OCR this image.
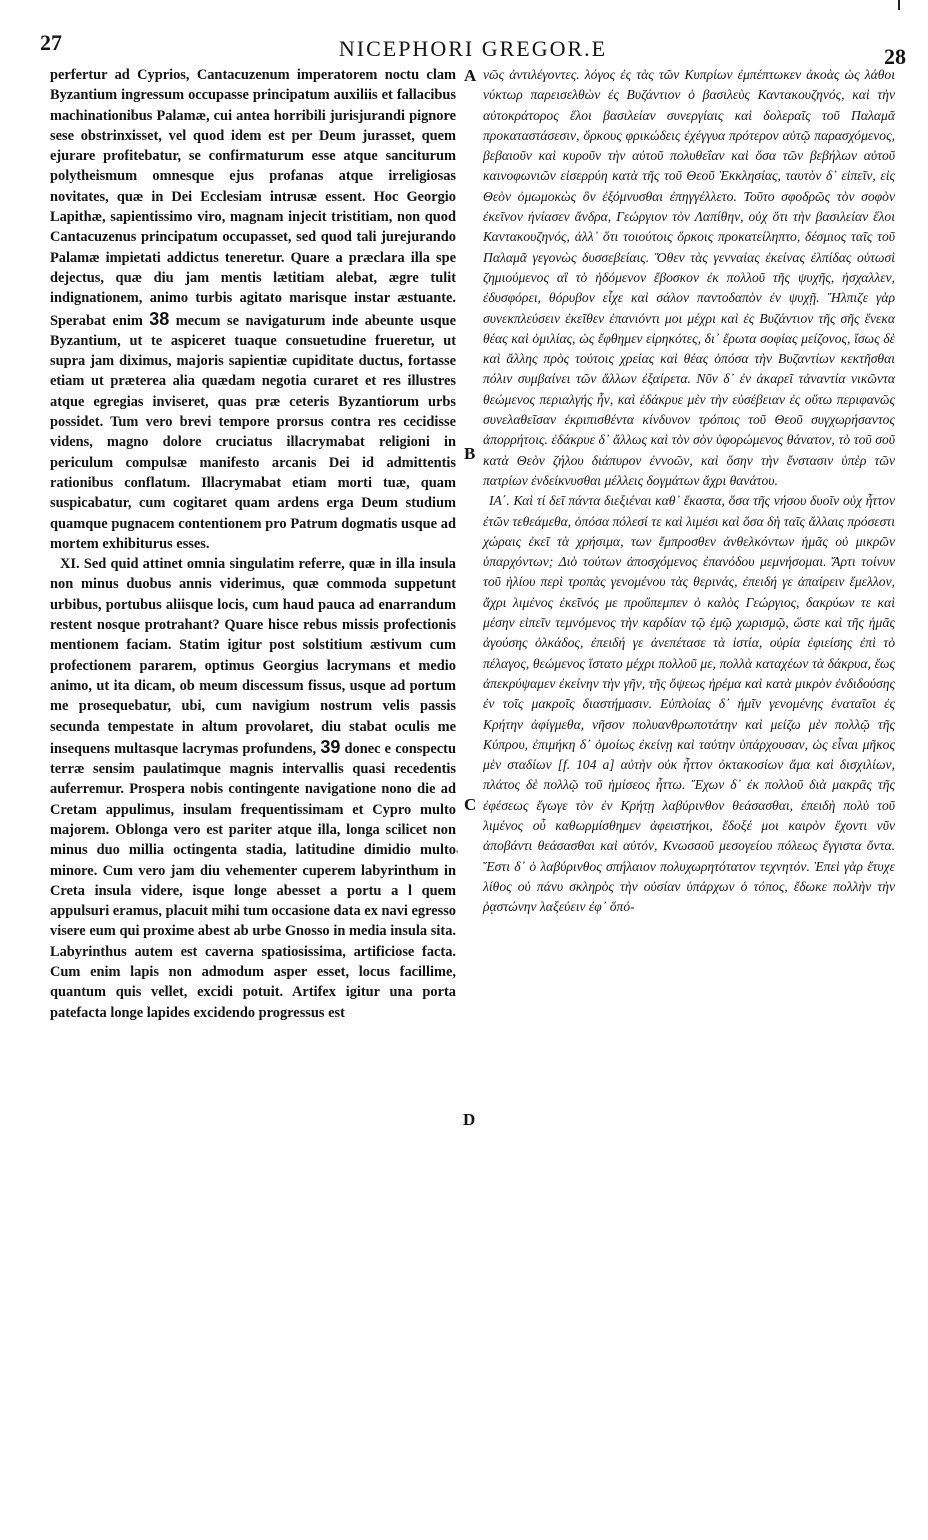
27	NICEPHORI GREGOR.E	28

perfertur ad Cyprios, Cantacuzenum imperatorem noctu clam Byzantium ingressum occupasse principatum auxiliis et fallacibus machinationibus Palamæ, cui antea horribili jurisjurandi pignore sese obstrinxisset, vel quod idem est per Deum jurasset, quem ejurare profitebatur, se confirmaturum esse atque sanciturum polytheismum omnesque ejus profanas atque irreligiosas novitates, quæ in Dei Ecclesiam intrusæ essent. Hoc Georgio Lapithæ, sapientissimo viro, magnam injecit tristitiam, non quod Cantacuzenus principatum occupasset, sed quod tali jurejurando Palamæ impietati addictus teneretur. Quare a præclara illa spe dejectus, quæ diu jam mentis lætitiam alebat, ægre tulit indignationem, animo turbis agitato marisque instar æstuante. Sperabat enim 38 mecum se navigaturum inde abeunte usque Byzantium, ut te aspiceret tuaque consuetudine frueretur, ut supra jam diximus, majoris sapientiæ cupiditate ductus, fortasse etiam ut præterea alia quædam negotia curaret et res illustres atque egregias inviseret, quas præ ceteris Byzantiorum urbs possidet. Tum vero brevi tempore prorsus contra res cecidisse videns, magno dolore cruciatus illacrymabat religioni in periculum compulsæ manifesto arcanis Dei id admittentis rationibus conflatum. Illacrymabat etiam morti tuæ, quam suspicabatur, cum cogitaret quam ardens erga Deum studium quamque pugnacem contentionem pro Patrum dogmatis usque ad mortem exhibiturus esses.

XI. Sed quid attinet omnia singulatim referre, quæ in illa insula non minus duobus annis viderimus, quæ commoda suppetunt urbibus, portubus aliisque locis, cum haud pauca ad enarrandum restent nosque protrahant? Quare hisce rebus missis profectionis mentionem faciam. Statim igitur post solstitium æstivum cum profectionem pararem, optimus Georgius lacrymans et medio animo, ut ita dicam, ob meum discessum fissus, usque ad portum me prosequebatur, ubi, cum navigium nostrum velis passis secunda tempestate in altum provolaret, diu stabat oculis me insequens multasque lacrymas profundens, 39 donec e conspectu terræ sensim paulatimque magnis intervallis quasi recedentis auferremur. Prospera nobis contingente navigatione nono die ad Cretam appulimus, insulam frequentissimam et Cypro multo majorem. Oblonga vero est pariter atque illa, longa scilicet non minus duo millia octingenta stadia, latitudine dimidio multo minore. Cum vero jam diu vehementer cuperem labyrinthum in Creta insula videre, isque longe abesset a portu a l quem appulsuri eramus, placuit mihi tum occasione data ex navi egresso visere eum qui proxime abest ab urbe Gnosso in media insula sita. Labyrinthus autem est caverna spatiosissima, artificiose facta. Cum enim lapis non admodum asper esset, locus facillime, quantum quis vellet, excidi potuit. Artifex igitur una porta patefacta longe lapides excidendo progressus est

A
B
C
D
'

νῶς ἀντιλέγοντες. λόγος ἐς τὰς τῶν Κυπρίων ἐμπέπτωκεν ἀκοὰς ὡς λάθοι νύκτωρ παρεισελθὼν ἐς Βυζάντιον ὁ βασιλεὺς Καντακουζηνός, καὶ τὴν αὐτοκράτορος ἕλοι βασιλείαν συνεργίαις καὶ δολεραῖς τοῦ Παλαμᾶ προκαταστάσεσιν, ὅρκους φρικώδεις ἐχέγγυα πρότερον αὐτῷ παρασχόμενος, βεβαιοῦν καὶ κυροῦν τὴν αὐτοῦ πολυθεΐαν καὶ ὅσα τῶν βεβήλων αὐτοῦ καινοφωνιῶν εἰσερρύη κατὰ τῆς τοῦ Θεοῦ Ἐκκλησίας, ταυτὸν δ᾽ εἰπεῖν, εἰς Θεὸν ὀμωμοκὼς ὃν ἐξόμνυσθαι ἐπηγγέλλετο. Τοῦτο σφοδρῶς τὸν σοφὸν ἐκεῖνον ἠνίασεν ἄνδρα, Γεώργιον τὸν Λαπίθην, οὐχ ὅτι τὴν βασιλείαν ἕλοι Καντακουζηνός, ἀλλ᾽ ὅτι τοιούτοις ὅρκοις προκατείληπτο, δέσμιος ταῖς τοῦ Παλαμᾶ γεγονὼς δυσσεβείαις. Ὅθεν τὰς γενναίας ἐκείνας ἐλπίδας οὑτωσὶ ζημιούμενος αἳ τὸ ἡδόμενον ἔβοσκον ἐκ πολλοῦ τῆς ψυχῆς, ἠσχαλλεν, ἐδυσφόρει, θόρυβον εἶχε καὶ σάλον παντοδαπὸν ἐν ψυχῇ. Ἤλπιζε γὰρ συνεκπλεύσειν ἐκεῖθεν ἐπανιόντι μοι μέχρι καὶ ἐς Βυζάντιον τῆς σῆς ἕνεκα θέας καὶ ὁμιλίας, ὡς ἔφθημεν εἰρηκότες, δι᾽ ἔρωτα σοφίας μείζονος, ἴσως δὲ καὶ ἄλλης πρὸς τούτοις χρείας καὶ θέας ὁπόσα τὴν Βυζαντίων κεκτῆσθαι πόλιν συμβαίνει τῶν ἄλλων ἐξαίρετα. Νῦν δ᾽ ἐν ἀκαρεῖ τἀναντία νικῶντα θεώμενος περιαλγής ἦν, καὶ ἐδάκρυε μὲν τὴν εὐσέβειαν ἐς οὕτω περιφανῶς συνελαθεῖσαν ἐκριπισθέντα κίνδυνον τρόποις τοῦ Θεοῦ συγχωρήσαντος ἀπορρήτοις. ἐδάκρυε δ᾽ ἄλλως καὶ τὸν σὸν ὑφορώμενος θάνατον, τὸ τοῦ σοῦ κατὰ Θεὸν ζήλου διάπυρον ἐννοῶν, καὶ ὅσην τὴν ἔνστασιν ὑπὲρ τῶν πατρίων ἐνδείκνυσθαι μέλλεις δογμάτων ἄχρι θανάτου.

ΙΑ΄. Καὶ τί δεῖ πάντα διεξιέναι καθ᾽ ἕκαστα, ὅσα τῆς νήσου δυοῖν οὐχ ἧττον ἐτῶν τεθεάμεθα, ὁπόσα πόλεσί τε καὶ λιμέσι καὶ ὅσα δὴ ταῖς ἄλλαις πρόσεστι χώραις ἐκεῖ τὰ χρήσιμα, των ἔμπροσθεν ἀνθελκόντων ἡμᾶς οὐ μικρῶν ὑπαρχόντων; Διὸ τούτων ἀποσχόμενος ἐπανόδου μεμνήσομαι. Ἄρτι τοίνυν τοῦ ἡλίου περὶ τροπὰς γενομένου τὰς θερινάς, ἐπειδή γε ἀπαίρειν ἔμελλον, ἄχρι λιμένος ἐκεῖνός με προὔπεμπεν ὁ καλὸς Γεώργιος, δακρύων τε καὶ μέσην εἰπεῖν τεμνόμενος τὴν καρδίαν τῷ ἐμῷ χωρισμῷ, ὥστε καὶ τῆς ἡμᾶς ἀγούσης ὁλκάδος, ἐπειδή γε ἀνεπέτασε τὰ ἱστία, οὐρία ἐφιείσης ἐπὶ τὸ πέλαγος, θεώμενος ἵστατο μέχρι πολλοῦ με, πολλὰ καταχέων τὰ δάκρυα, ἕως ἀπεκρύψαμεν ἐκείνην τὴν γῆν, τῆς ὄψεως ἠρέμα καὶ κατὰ μικρὸν ἐνδιδούσης ἐν τοῖς μακροῖς διαστήμασιν. Εὐπλοίας δ᾽ ἡμῖν γενομένης ἐναταῖοι ἐς Κρήτην ἀφίγμεθα, νῆσον πολυανθρωποτάτην καὶ μείζω μὲν πολλῷ τῆς Κύπρου, ἐπιμήκη δ᾽ ὁμοίως ἐκείνῃ καὶ ταύτην ὑπάρχουσαν, ὡς εἶναι μῆκος μὲν σταδίων [f. 104 a] αὐτὴν οὐκ ἧττον ὀκτακοσίων ἅμα καὶ δισχιλίων, πλάτος δὲ πολλῷ τοῦ ἡμίσεος ἧττω. Ἔχων δ᾽ ἐκ πολλοῦ διὰ μακρᾶς τῆς ἐφέσεως ἔγωγε τὸν ἐν Κρήτῃ λαβύρινθον θεάσασθαι, ἐπειδὴ πολὺ τοῦ λιμένος οὗ καθωρμίσθημεν ἀφειστήκοι, ἔδοξέ μοι καιρὸν ἔχοντι νῦν ἀποβάντι θεάσασθαι καὶ αὐτόν, Κνωσσοῦ μεσογείου πόλεως ἔγγιστα ὄντα. Ἔστι δ᾽ ὁ λαβύρινθος σπήλαιον πολυχωρητότατον τεχνητόν. Ἐπεὶ γὰρ ἔτυχε λίθος οὐ πάνυ σκληρὸς τὴν οὐσίαν ὑπάρχων ὁ τόπος, ἔδωκε πολλὴν τὴν ῥᾳστώνην λαξεύειν ἐφ᾽ ὅπό-
